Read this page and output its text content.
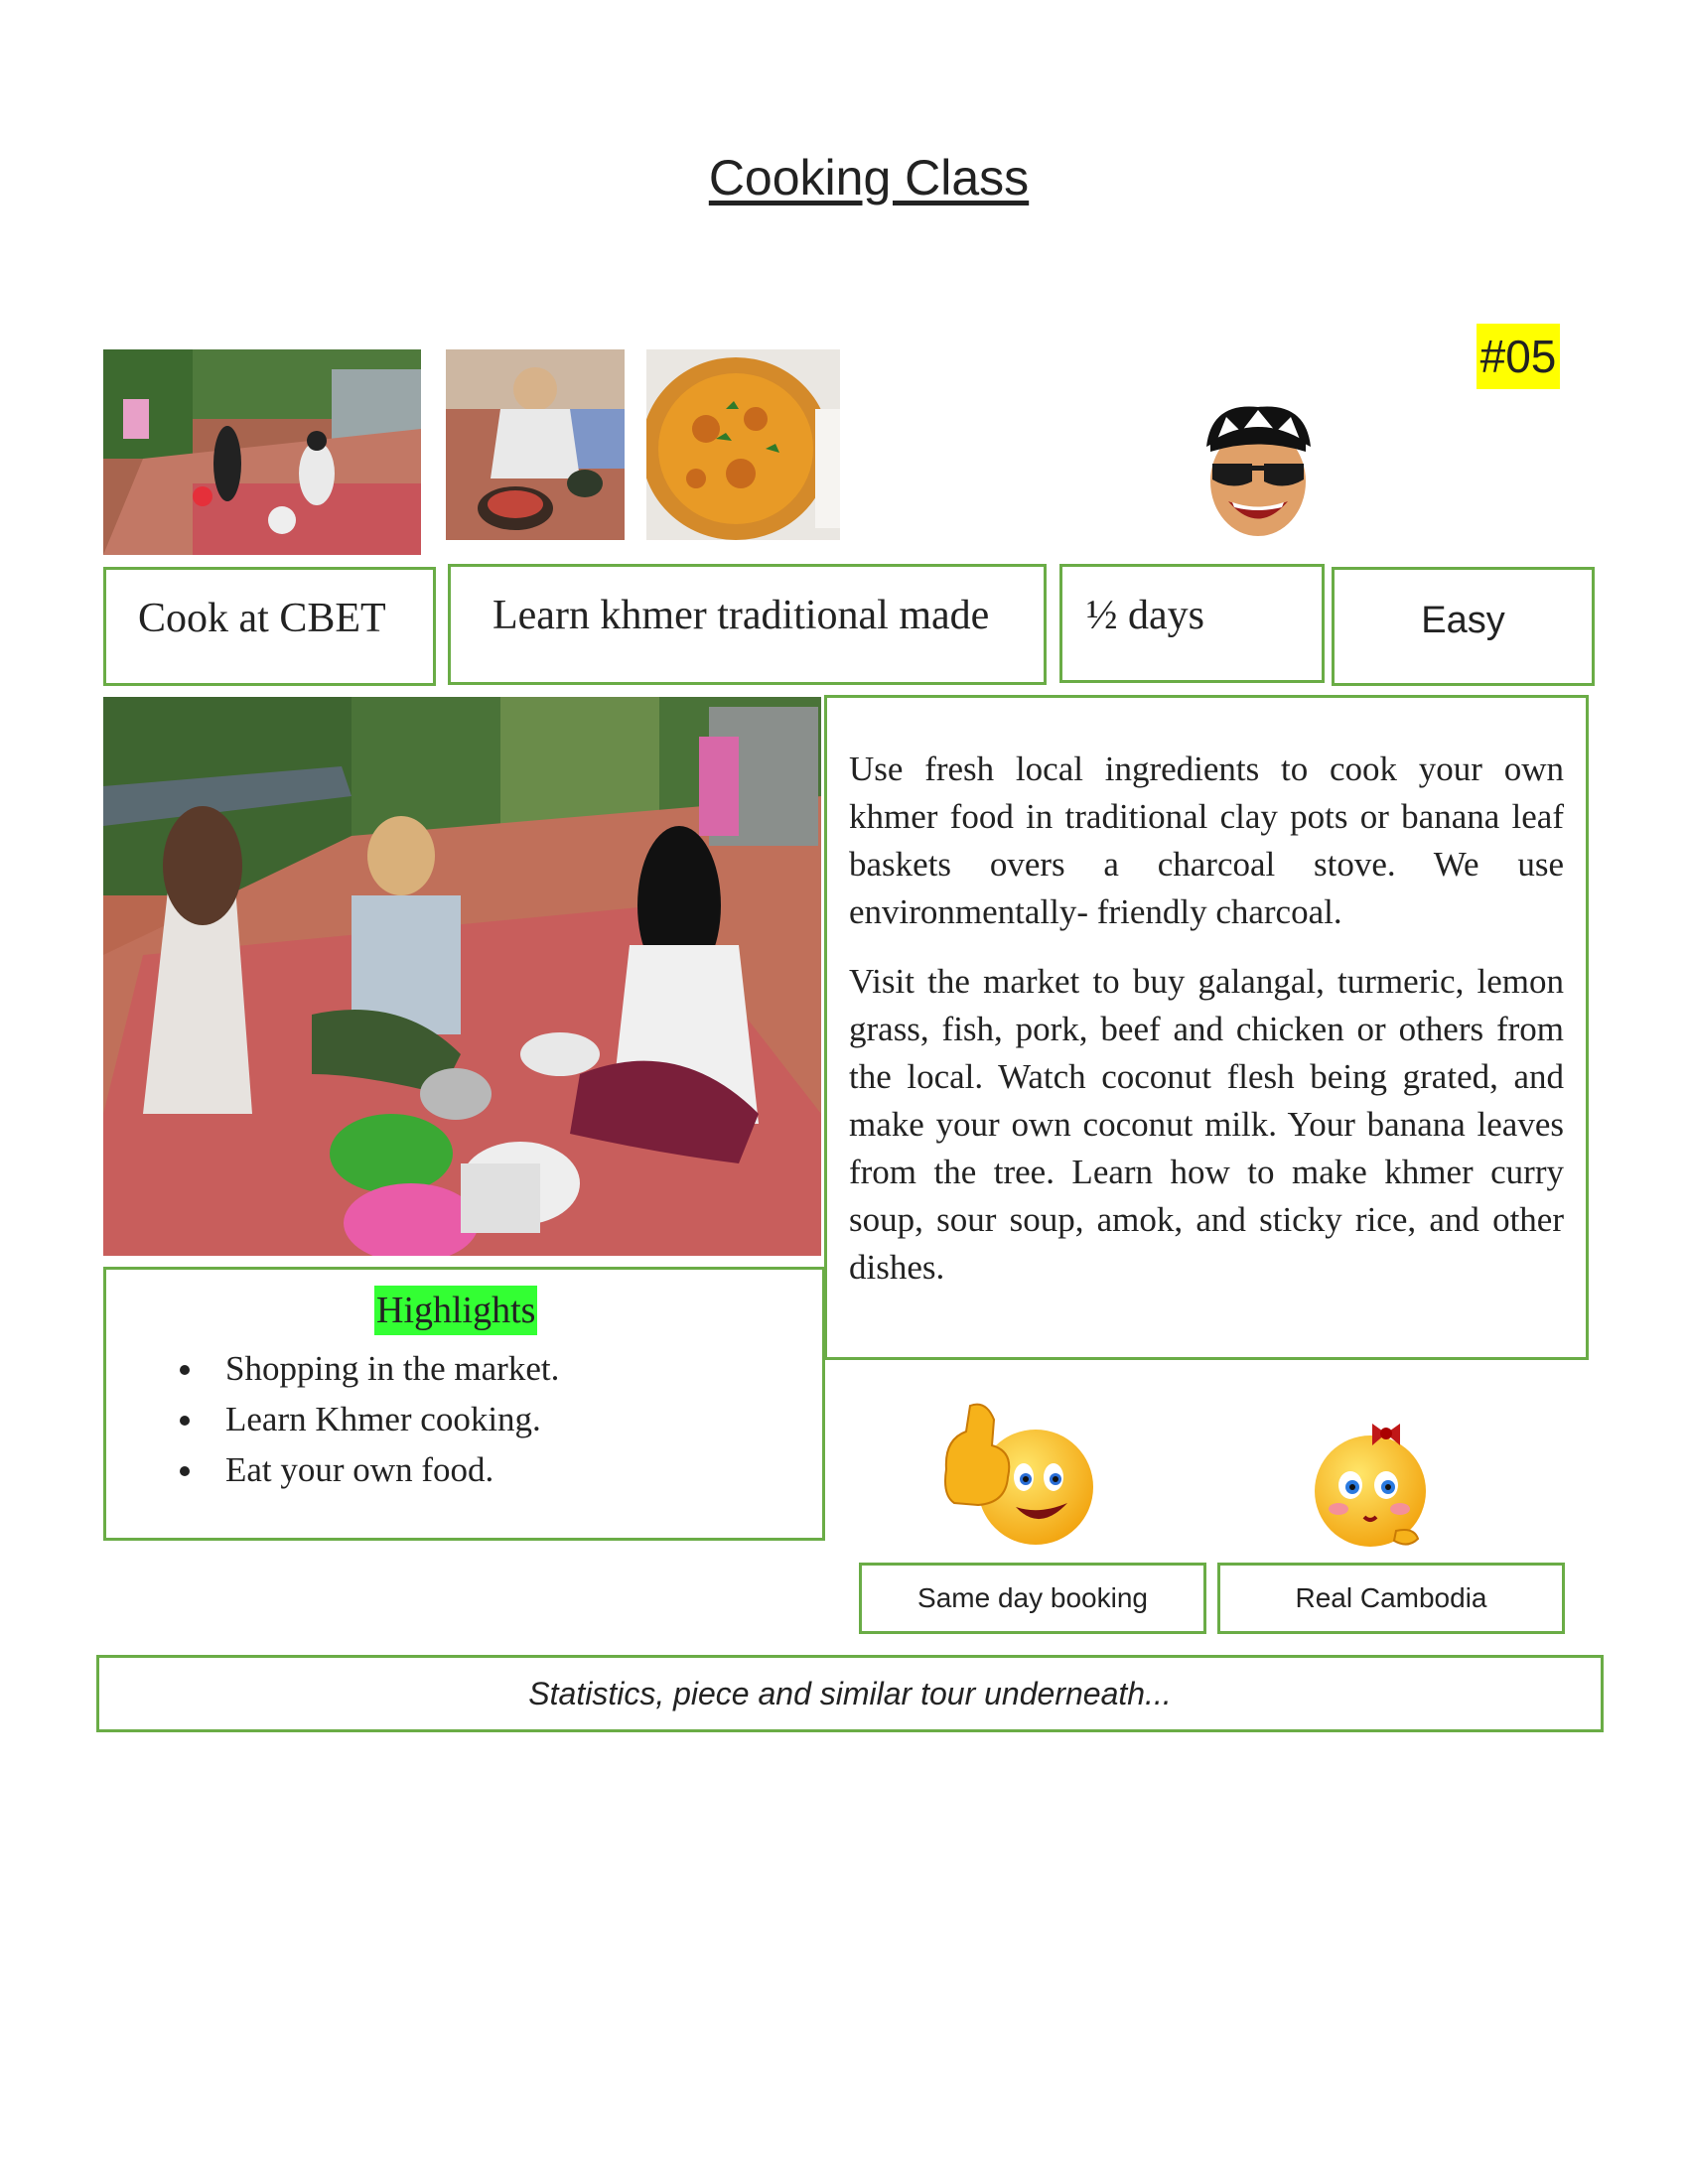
Cooking Class
#05
Cook at CBET	Learn khmer traditional made	½ days	Easy

Use fresh local ingredients to cook your own khmer food in traditional clay pots or banana leaf baskets overs a charcoal stove. We use environmentally- friendly charcoal.

Visit the market to buy galangal, turmeric, lemon grass, fish, pork, beef and chicken or others from the local. Watch coconut flesh being grated, and make your own coconut milk. Your banana leaves from the tree. Learn how to make khmer curry soup, sour soup, amok, and sticky rice, and other dishes.

Highlights
Shopping in the market.
Learn Khmer cooking.
Eat your own food.
Same day booking	Real Cambodia
Statistics, piece and similar tour underneath...
